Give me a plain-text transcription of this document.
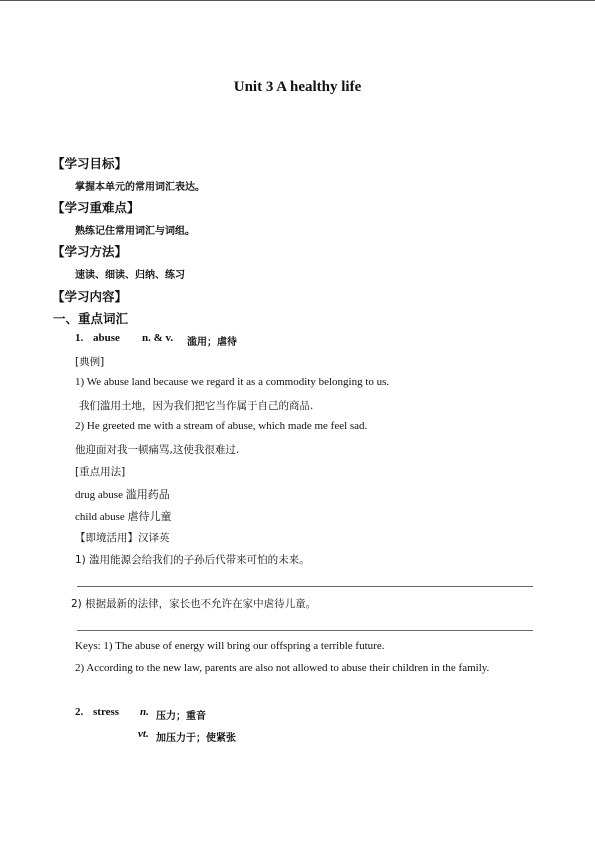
Unit 3 A healthy life
【学习目标】
掌握本单元的常用词汇表达。
【学习重难点】
熟练记住常用词汇与词组。
【学习方法】
速读、细读、归纳、练习
【学习内容】
一、重点词汇
1. abuse n. & v. 滥用；虐待
[典例]
1) We abuse land because we regard it as a commodity belonging to us.
我们滥用土地，因为我们把它当作属于自己的商品.
2) He greeted me with a stream of abuse, which made me feel sad.
他迎面对我一顿痛骂,这使我很难过.
[重点用法]
drug abuse 滥用药品
child abuse 虐待儿童
【即境活用】汉译英
1) 滥用能源会给我们的子孙后代带来可怕的未来。
2) 根据最新的法律，家长也不允许在家中虐待儿童。
Keys: 1) The abuse of energy will bring our offspring a terrible future.
2) According to the new law, parents are also not allowed to abuse their children in the family.
2. stress n. 压力；重音
vt. 加压力于；使紧张
